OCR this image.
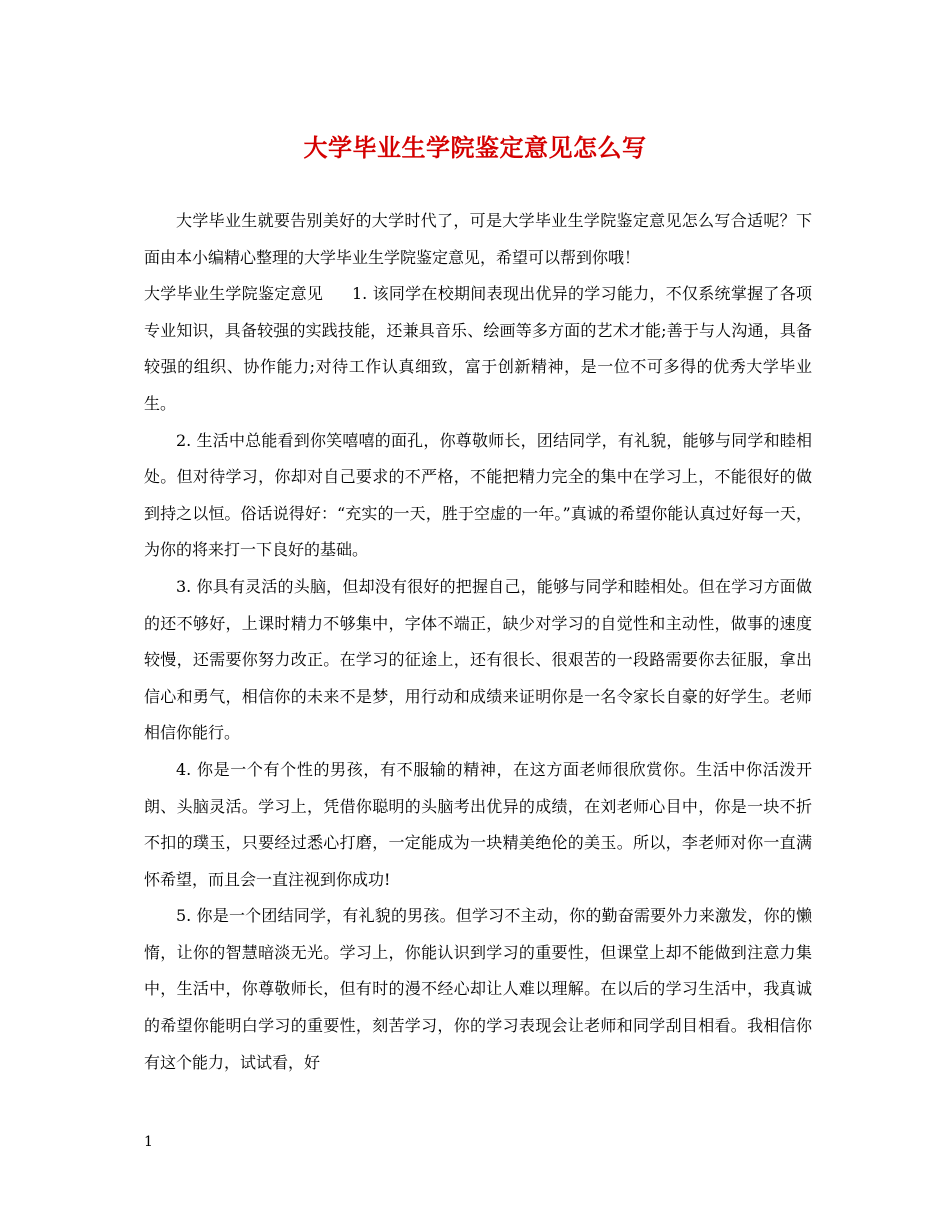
大学毕业生学院鉴定意见怎么写

大学毕业生就要告别美好的大学时代了，可是大学毕业生学院鉴定意见怎么写合适呢？下面由本小编精心整理的大学毕业生学院鉴定意见，希望可以帮到你哦！

大学毕业生学院鉴定意见 1. 该同学在校期间表现出优异的学习能力，不仅系统掌握了各项专业知识，具备较强的实践技能，还兼具音乐、绘画等多方面的艺术才能;善于与人沟通，具备较强的组织、协作能力;对待工作认真细致，富于创新精神，是一位不可多得的优秀大学毕业生。

2. 生活中总能看到你笑嘻嘻的面孔，你尊敬师长，团结同学，有礼貌，能够与同学和睦相处。但对待学习，你却对自己要求的不严格，不能把精力完全的集中在学习上，不能很好的做到持之以恒。俗话说得好：“充实的一天，胜于空虚的一年。”真诚的希望你能认真过好每一天，为你的将来打一下良好的基础。

3. 你具有灵活的头脑，但却没有很好的把握自己，能够与同学和睦相处。但在学习方面做的还不够好，上课时精力不够集中，字体不端正，缺少对学习的自觉性和主动性，做事的速度较慢，还需要你努力改正。在学习的征途上，还有很长、很艰苦的一段路需要你去征服，拿出信心和勇气，相信你的未来不是梦，用行动和成绩来证明你是一名令家长自豪的好学生。老师相信你能行。

4. 你是一个有个性的男孩，有不服输的精神，在这方面老师很欣赏你。生活中你活泼开朗、头脑灵活。学习上，凭借你聪明的头脑考出优异的成绩，在刘老师心目中，你是一块不折不扣的璞玉，只要经过悉心打磨，一定能成为一块精美绝伦的美玉。所以，李老师对你一直满怀希望，而且会一直注视到你成功!

5. 你是一个团结同学，有礼貌的男孩。但学习不主动，你的勤奋需要外力来激发，你的懒惰，让你的智慧暗淡无光。学习上，你能认识到学习的重要性，但课堂上却不能做到注意力集中，生活中，你尊敬师长，但有时的漫不经心却让人难以理解。在以后的学习生活中，我真诚的希望你能明白学习的重要性，刻苦学习，你的学习表现会让老师和同学刮目相看。我相信你有这个能力，试试看，好

1
